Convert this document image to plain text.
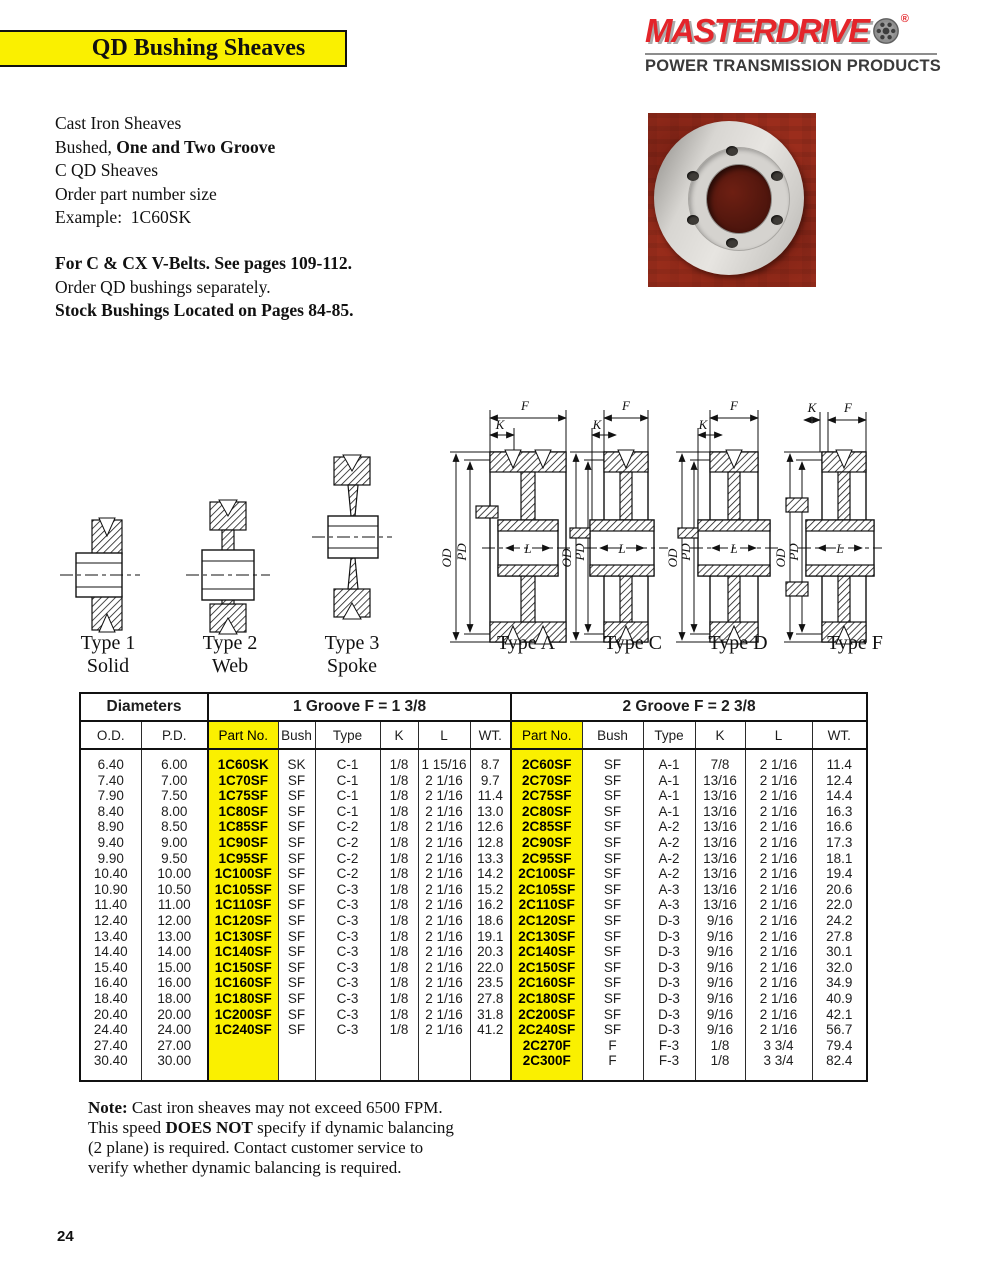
QD Bushing Sheaves	MASTERDRIVE	®
POWER TRANSMISSION PRODUCTS
Cast Iron Sheaves
Bushed, One and Two Groove
C QD Sheaves
Order part number size
Example:  1C60SK
For C & CX V-Belts. See pages 109-112.
Order QD bushings separately.
Stock Bushings Located on Pages 84-85.
F
K
OD PD	L
F
K
OD
PD L
F
K
OD
PD	L
K F
OD
PD	L
Type 1
Solid
Type 2
Web
Type 3
Spoke
Type A	Type C	Type D	Type F
Diameters		1 Groove F = 1 3/8						2 Groove F = 2 3/8					
O.D.	P.D.	Part No.	Bush	Type	K	L	WT.	Part No.	Bush	Type	K	L	WT.
6.40	6.00	1C60SK	SK	C-1	1/8	1 15/16	8.7	2C60SF	SF	A-1	7/8	2 1/16	11.4
7.40	7.00	1C70SF	SF	C-1	1/8	2 1/16	9.7	2C70SF	SF	A-1	13/16	2 1/16	12.4
7.90	7.50	1C75SF	SF	C-1	1/8	2 1/16	11.4	2C75SF	SF	A-1	13/16	2 1/16	14.4
8.40	8.00	1C80SF	SF	C-1	1/8	2 1/16	13.0	2C80SF	SF	A-1	13/16	2 1/16	16.3
8.90	8.50	1C85SF	SF	C-2	1/8	2 1/16	12.6	2C85SF	SF	A-2	13/16	2 1/16	16.6
9.40	9.00	1C90SF	SF	C-2	1/8	2 1/16	12.8	2C90SF	SF	A-2	13/16	2 1/16	17.3
9.90	9.50	1C95SF	SF	C-2	1/8	2 1/16	13.3	2C95SF	SF	A-2	13/16	2 1/16	18.1
10.40	10.00	1C100SF	SF	C-2	1/8	2 1/16	14.2	2C100SF	SF	A-2	13/16	2 1/16	19.4
10.90	10.50	1C105SF	SF	C-3	1/8	2 1/16	15.2	2C105SF	SF	A-3	13/16	2 1/16	20.6
11.40	11.00	1C110SF	SF	C-3	1/8	2 1/16	16.2	2C110SF	SF	A-3	13/16	2 1/16	22.0
12.40	12.00	1C120SF	SF	C-3	1/8	2 1/16	18.6	2C120SF	SF	D-3	9/16	2 1/16	24.2
13.40	13.00	1C130SF	SF	C-3	1/8	2 1/16	19.1	2C130SF	SF	D-3	9/16	2 1/16	27.8
14.40	14.00	1C140SF	SF	C-3	1/8	2 1/16	20.3	2C140SF	SF	D-3	9/16	2 1/16	30.1
15.40	15.00	1C150SF	SF	C-3	1/8	2 1/16	22.0	2C150SF	SF	D-3	9/16	2 1/16	32.0
16.40	16.00	1C160SF	SF	C-3	1/8	2 1/16	23.5	2C160SF	SF	D-3	9/16	2 1/16	34.9
18.40	18.00	1C180SF	SF	C-3	1/8	2 1/16	27.8	2C180SF	SF	D-3	9/16	2 1/16	40.9
20.40	20.00	1C200SF	SF	C-3	1/8	2 1/16	31.8	2C200SF	SF	D-3	9/16	2 1/16	42.1
24.40	24.00	1C240SF	SF	C-3	1/8	2 1/16	41.2	2C240SF	SF	D-3	9/16	2 1/16	56.7
27.40	27.00							2C270F	F	F-3	1/8	3 3/4	79.4
30.40	30.00							2C300F	F	F-3	1/8	3 3/4	82.4
Note: Cast iron sheaves may not exceed 6500 FPM.
This speed DOES NOT specify if dynamic balancing
(2 plane) is required. Contact customer service to
verify whether dynamic balancing is required.
24
